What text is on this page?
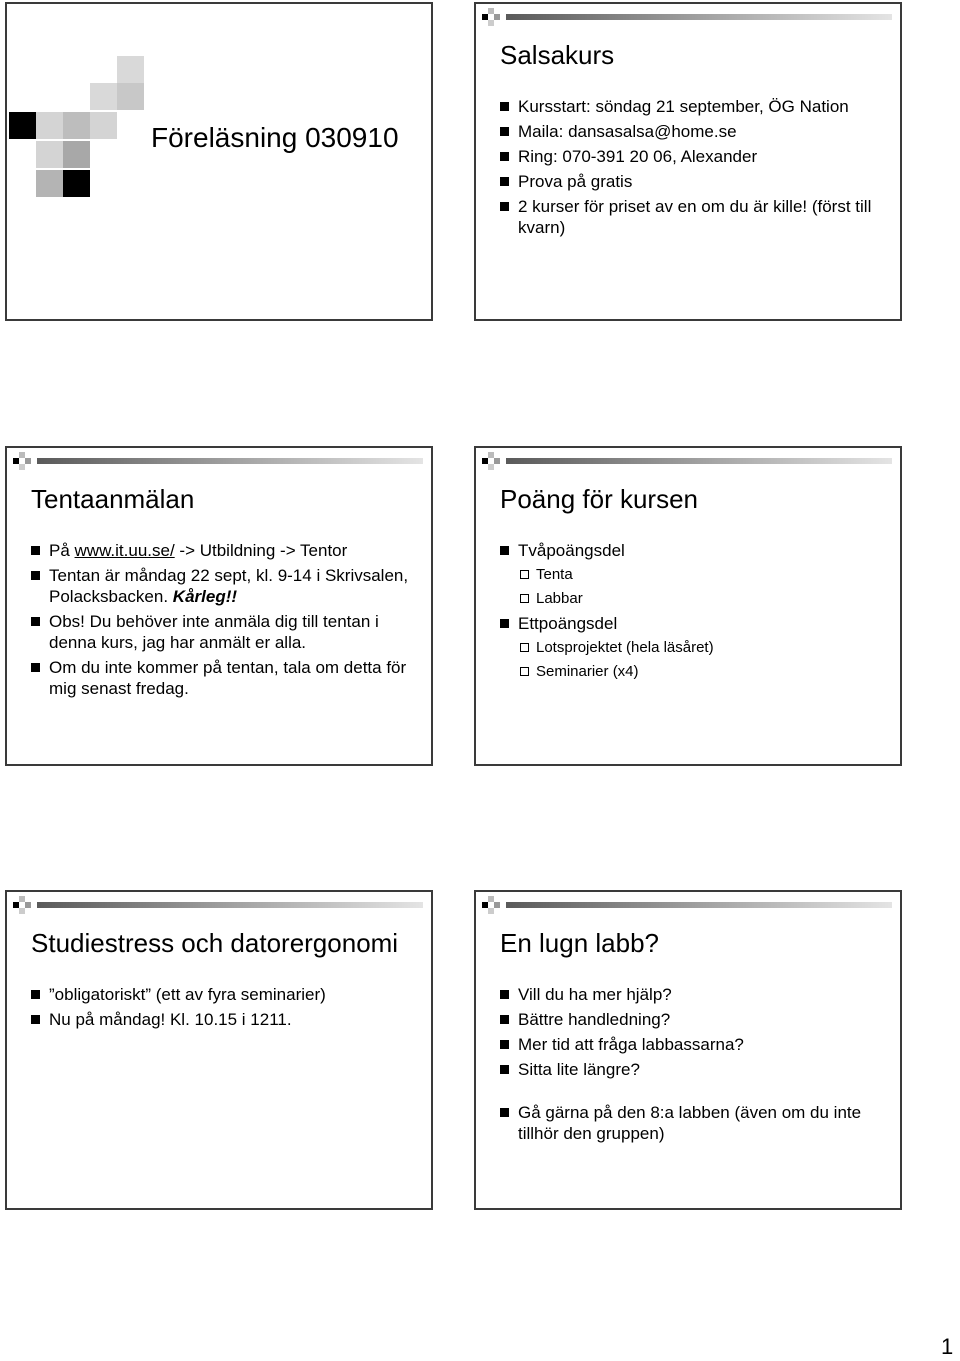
Föreläsning 030910
Salsakurs
Kursstart: söndag 21 september, ÖG Nation
Maila: dansasalsa@home.se
Ring: 070-391 20 06, Alexander
Prova på gratis
2 kurser för priset av en om du är kille! (först till kvarn)
Tentaanmälan
På www.it.uu.se/ -> Utbildning -> Tentor
Tentan är måndag 22 sept, kl. 9-14 i Skrivsalen, Polacksbacken. Kårleg!!
Obs! Du behöver inte anmäla dig till tentan i denna kurs, jag har anmält er alla.
Om du inte kommer på tentan, tala om detta för mig senast fredag.
Poäng för kursen
Tvåpoängsdel
Tenta
Labbar
Ettpoängsdel
Lotsprojektet (hela läsåret)
Seminarier (x4)
Studiestress och datorergonomi
”obligatoriskt” (ett av fyra seminarier)
Nu på måndag! Kl. 10.15 i 1211.
En lugn labb?
Vill du ha mer hjälp?
Bättre handledning?
Mer tid att fråga labbassarna?
Sitta lite längre?
Gå gärna på den 8:a labben (även om du inte tillhör den gruppen)
1
